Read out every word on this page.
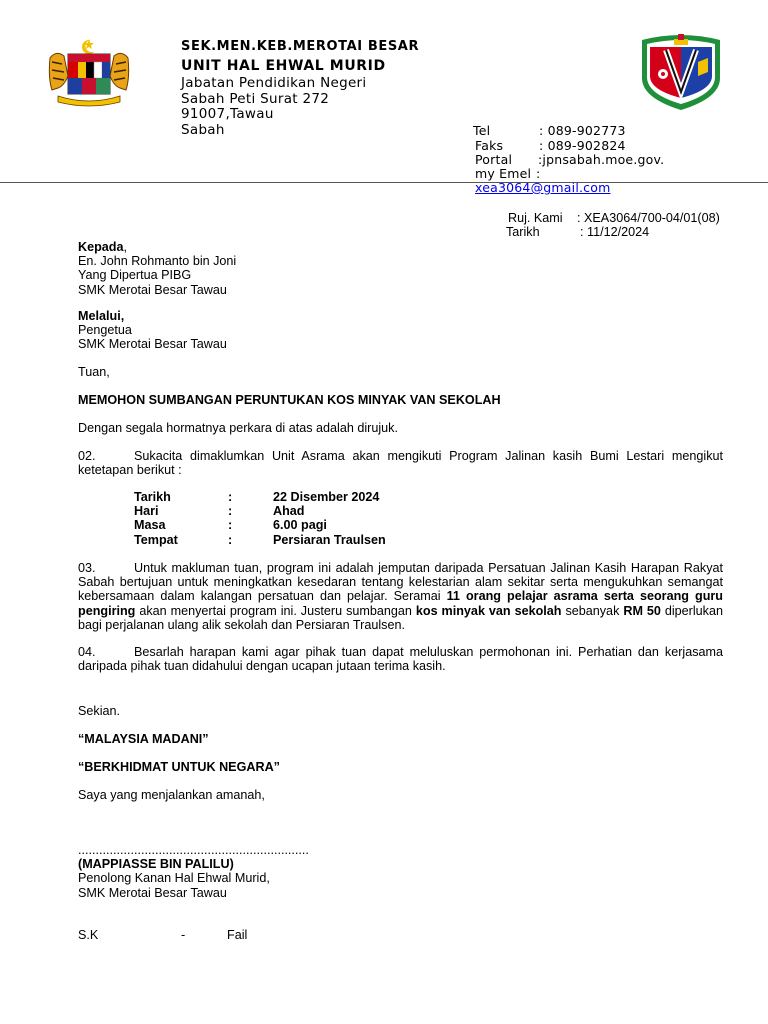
SEK.MEN.KEB.MEROTAI BESAR
UNIT HAL EHWAL MURID
Jabatan Pendidikan Negeri
Sabah Peti Surat 272
91007,Tawau
Sabah	Tel	: 089-902773
Faks	: 089-902824
Portal :jpnsabah.moe.gov.
my Emel :
xea3064@gmail.com
Ruj. Kami : XEA3064/700-04/01(08)
Tarikh	: 11/12/2024
Kepada,
En. John Rohmanto bin Joni
Yang Dipertua PIBG
SMK Merotai Besar Tawau
Melalui,
Pengetua
SMK Merotai Besar Tawau
Tuan,
MEMOHON SUMBANGAN PERUNTUKAN KOS MINYAK VAN SEKOLAH
Dengan segala hormatnya perkara di atas adalah dirujuk.
02.	Sukacita dimaklumkan Unit Asrama akan mengikuti Program Jalinan kasih Bumi Lestari mengikut ketetapan berikut :
Tarikh	:	22 Disember 2024
Hari	:	Ahad
Masa	:	6.00 pagi
Tempat	:	Persiaran Traulsen
03.	Untuk makluman tuan, program ini adalah jemputan daripada Persatuan Jalinan Kasih Harapan Rakyat Sabah bertujuan untuk meningkatkan kesedaran tentang kelestarian alam sekitar serta mengukuhkan semangat kebersamaan dalam kalangan persatuan dan pelajar. Seramai 11 orang pelajar asrama serta seorang guru pengiring akan menyertai program ini. Justeru sumbangan kos minyak van sekolah sebanyak RM 50 diperlukan bagi perjalanan ulang alik sekolah dan Persiaran Traulsen.
04.	Besarlah harapan kami agar pihak tuan dapat meluluskan permohonan ini. Perhatian dan kerjasama daripada pihak tuan didahului dengan ucapan jutaan terima kasih.
Sekian.
“MALAYSIA MADANI”
“BERKHIDMAT UNTUK NEGARA”
Saya yang menjalankan amanah,
..................................................................
(MAPPIASSE BIN PALILU)
Penolong Kanan Hal Ehwal Murid,
SMK Merotai Besar Tawau
S.K	-	Fail
